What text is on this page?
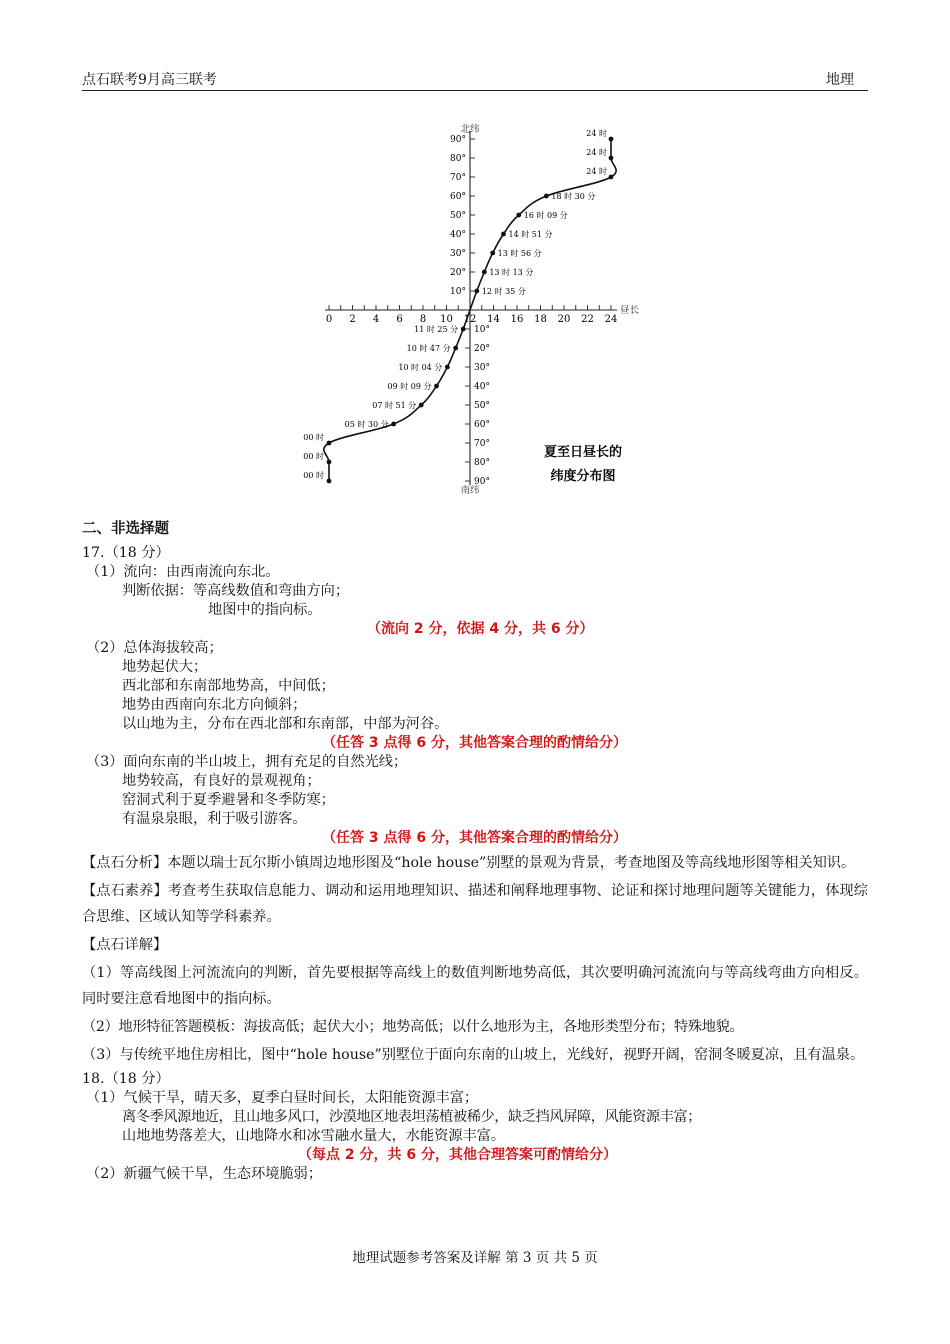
点石联考9月高三联考	地理
0 2 4 6 8 10 12 14 16 18 20 22 24
昼长
90°
80°
70°
60°
50°
40°
30°
20°
10°
10°
20°
30°
40°
50°
60°
70°
80°
90°
北纬
南纬
24 时
24 时
24 时
18 时 30 分
16 时 09 分
14 时 51 分
13 时 56 分
13 时 13 分
12 时 35 分
11 时 25 分
10 时 47 分
10 时 04 分
09 时 09 分
07 时 51 分
05 时 30 分
00 时
00 时
00 时
夏至日昼长的
纬度分布图
二、非选择题
17.（18 分）
（1）流向：由西南流向东北。
判断依据：等高线数值和弯曲方向；
地图中的指向标。
（流向 2 分，依据 4 分，共 6 分）
（2）总体海拔较高；
地势起伏大；
西北部和东南部地势高，中间低；
地势由西南向东北方向倾斜；
以山地为主，分布在西北部和东南部，中部为河谷。
（任答 3 点得 6 分，其他答案合理的酌情给分）
（3）面向东南的半山坡上，拥有充足的自然光线；
地势较高，有良好的景观视角；
窑洞式利于夏季避暑和冬季防寒；
有温泉泉眼，利于吸引游客。
（任答 3 点得 6 分，其他答案合理的酌情给分）
【点石分析】本题以瑞士瓦尔斯小镇周边地形图及“hole house”别墅的景观为背景，考查地图及等高线地形图等相关知识。
【点石素养】考查考生获取信息能力、调动和运用地理知识、描述和阐释地理事物、论证和探讨地理问题等关键能力，体现综合思维、区域认知等学科素养。
【点石详解】
（1）等高线图上河流流向的判断，首先要根据等高线上的数值判断地势高低，其次要明确河流流向与等高线弯曲方向相反。同时要注意看地图中的指向标。
（2）地形特征答题模板：海拔高低；起伏大小；地势高低；以什么地形为主，各地形类型分布；特殊地貌。
（3）与传统平地住房相比，图中“hole house”别墅位于面向东南的山坡上，光线好，视野开阔，窑洞冬暖夏凉，且有温泉。
18.（18 分）
（1）气候干旱，晴天多，夏季白昼时间长，太阳能资源丰富；
离冬季风源地近，且山地多风口，沙漠地区地表坦荡植被稀少，缺乏挡风屏障，风能资源丰富；
山地地势落差大，山地降水和冰雪融水量大，水能资源丰富。
（每点 2 分，共 6 分，其他合理答案可酌情给分）
（2）新疆气候干旱，生态环境脆弱；
地理试题参考答案及详解 第 3 页 共 5 页
